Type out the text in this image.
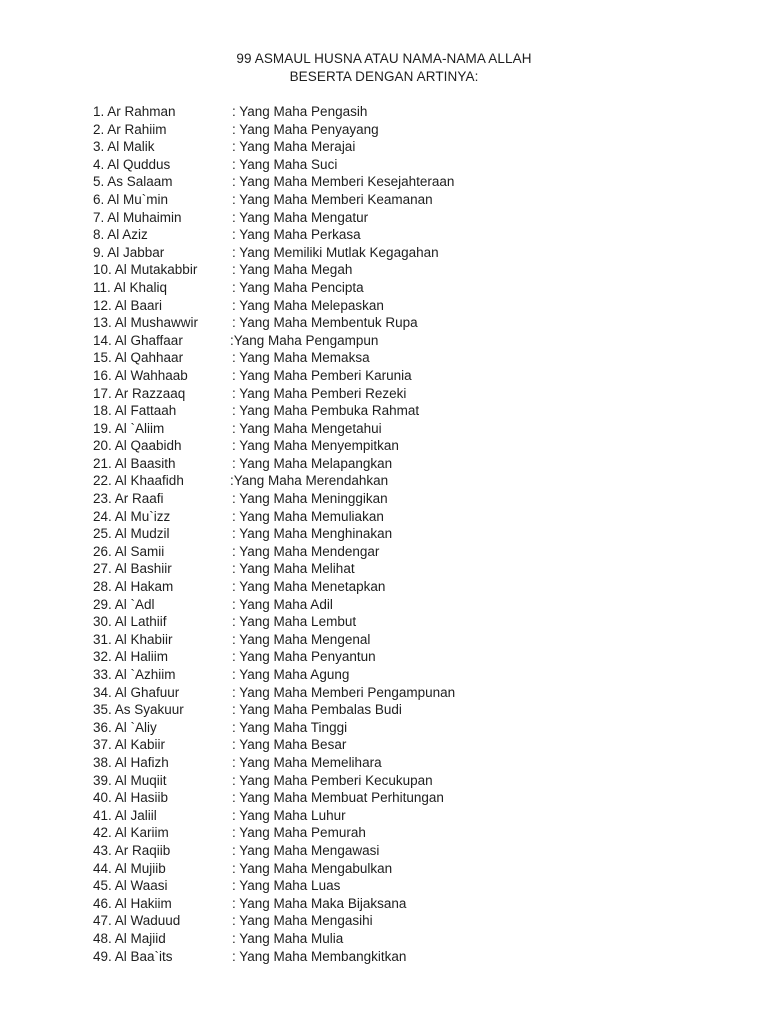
99 ASMAUL HUSNA ATAU NAMA-NAMA ALLAH
BESERTA DENGAN ARTINYA:
1. Ar Rahman	: Yang Maha Pengasih
2. Ar Rahiim	: Yang Maha Penyayang
3. Al Malik	: Yang Maha Merajai
4. Al Quddus	: Yang Maha Suci
5. As Salaam	: Yang Maha Memberi Kesejahteraan
6. Al Mu`min	: Yang Maha Memberi Keamanan
7. Al Muhaimin	: Yang Maha Mengatur
8. Al Aziz	: Yang Maha Perkasa
9. Al Jabbar	: Yang Memiliki Mutlak Kegagahan
10. Al Mutakabbir	: Yang Maha Megah
11. Al Khaliq	: Yang Maha Pencipta
12. Al Baari	: Yang Maha Melepaskan
13. Al Mushawwir	: Yang Maha Membentuk Rupa
14. Al Ghaffaar	:Yang Maha Pengampun
15. Al Qahhaar	: Yang Maha Memaksa
16. Al Wahhaab	: Yang Maha Pemberi Karunia
17. Ar Razzaaq	: Yang Maha Pemberi Rezeki
18. Al Fattaah	: Yang Maha Pembuka Rahmat
19. Al `Aliim	: Yang Maha Mengetahui
20. Al Qaabidh	: Yang Maha Menyempitkan
21. Al Baasith	: Yang Maha Melapangkan
22. Al Khaafidh	:Yang Maha Merendahkan
23. Ar Raafi	: Yang Maha Meninggikan
24. Al Mu`izz	: Yang Maha Memuliakan
25. Al Mudzil	: Yang Maha Menghinakan
26. Al Samii	: Yang Maha Mendengar
27. Al Bashiir	: Yang Maha Melihat
28. Al Hakam	: Yang Maha Menetapkan
29. Al `Adl	: Yang Maha Adil
30. Al Lathiif	: Yang Maha Lembut
31. Al Khabiir	: Yang Maha Mengenal
32. Al Haliim	: Yang Maha Penyantun
33. Al `Azhiim	: Yang Maha Agung
34. Al Ghafuur	: Yang Maha Memberi Pengampunan
35. As Syakuur	: Yang Maha Pembalas Budi
36. Al `Aliy	: Yang Maha Tinggi
37. Al Kabiir	: Yang Maha Besar
38. Al Hafizh	: Yang Maha Memelihara
39. Al Muqiit	: Yang Maha Pemberi Kecukupan
40. Al Hasiib	: Yang Maha Membuat Perhitungan
41. Al Jaliil	: Yang Maha Luhur
42. Al Kariim	: Yang Maha Pemurah
43. Ar Raqiib	: Yang Maha Mengawasi
44. Al Mujiib	: Yang Maha Mengabulkan
45. Al Waasi	: Yang Maha Luas
46. Al Hakiim	: Yang Maha Maka Bijaksana
47. Al Waduud	: Yang Maha Mengasihi
48. Al Majiid	: Yang Maha Mulia
49. Al Baa`its	: Yang Maha Membangkitkan
